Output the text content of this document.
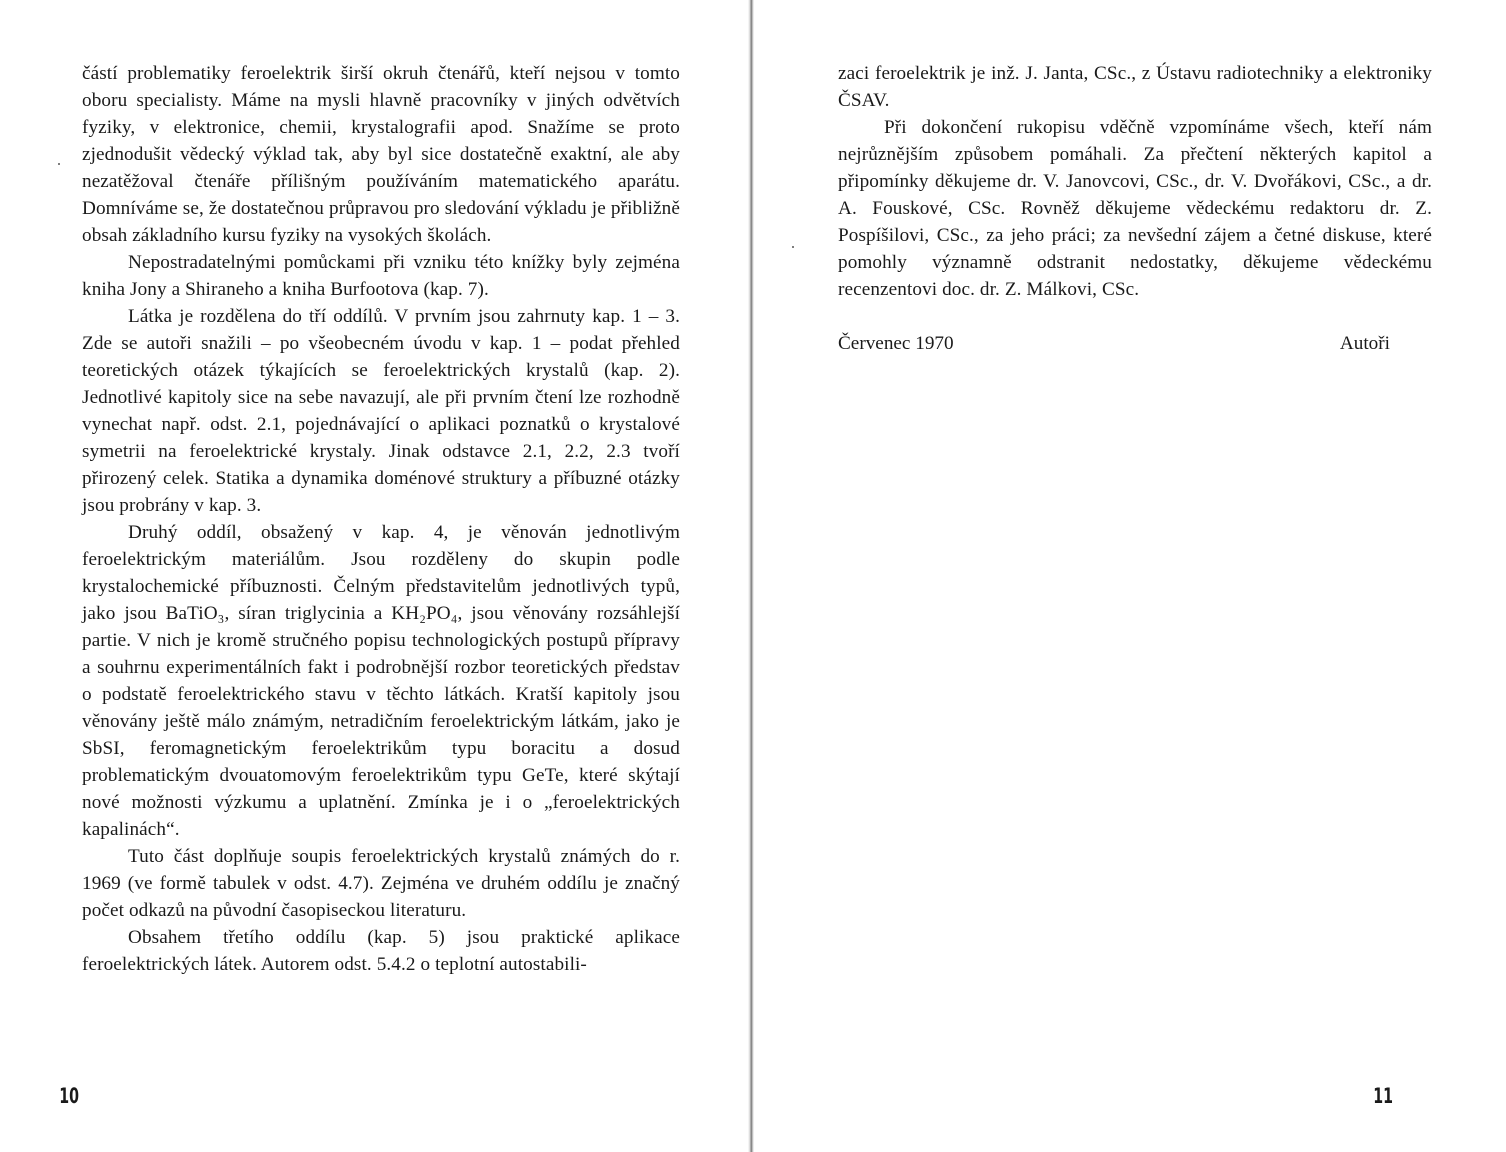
částí problematiky feroelektrik širší okruh čtenářů, kteří nejsou v tomto oboru specialisty. Máme na mysli hlavně pracovníky v jiných odvětvích fyziky, v elektronice, chemii, krystalografii apod. Snažíme se proto zjednodušit vědecký výklad tak, aby byl sice dostatečně exaktní, ale aby nezatěžoval čtenáře přílišným používáním matematického aparátu. Domníváme se, že dostatečnou průpravou pro sledování výkladu je přibližně obsah základního kursu fyziky na vysokých školách.

Nepostradatelnými pomůckami při vzniku této knížky byly zejména kniha Jony a Shiraneho a kniha Burfootova (kap. 7).

Látka je rozdělena do tří oddílů. V prvním jsou zahrnuty kap. 1 – 3. Zde se autoři snažili – po všeobecném úvodu v kap. 1 – podat přehled teoretických otázek týkajících se feroelektrických krystalů (kap. 2). Jednotlivé kapitoly sice na sebe navazují, ale při prvním čtení lze rozhodně vynechat např. odst. 2.1, pojednávající o aplikaci poznatků o krystalové symetrii na feroelektrické krystaly. Jinak odstavce 2.1, 2.2, 2.3 tvoří přirozený celek. Statika a dynamika doménové struktury a příbuzné otázky jsou probrány v kap. 3.

Druhý oddíl, obsažený v kap. 4, je věnován jednotlivým feroelektrickým materiálům. Jsou rozděleny do skupin podle krystalochemické příbuznosti. Čelným představitelům jednotlivých typů, jako jsou BaTiO₃, síran triglycinia a KH₂PO₄, jsou věnovány rozsáhlejší partie. V nich je kromě stručného popisu technologických postupů přípravy a souhrnu experimentálních fakt i podrobnější rozbor teoretických představ o podstatě feroelektrického stavu v těchto látkách. Kratší kapitoly jsou věnovány ještě málo známým, netradičním feroelektrickým látkám, jako je SbSI, feromagnetickým feroelektrikům typu boracitu a dosud problematickým dvouatomovým feroelektrikům typu GeTe, které skýtají nové možnosti výzkumu a uplatnění. Zmínka je i o „feroelektrických kapalinách“.

Tuto část doplňuje soupis feroelektrických krystalů známých do r. 1969 (ve formě tabulek v odst. 4.7). Zejména ve druhém oddílu je značný počet odkazů na původní časopiseckou literaturu.

Obsahem třetího oddílu (kap. 5) jsou praktické aplikace feroelektrických látek. Autorem odst. 5.4.2 o teplotní autostabili-

10

zaci feroelektrik je inž. J. Janta, CSc., z Ústavu radiotechniky a elektroniky ČSAV.

Při dokončení rukopisu vděčně vzpomínáme všech, kteří nám nejrůznějším způsobem pomáhali. Za přečtení některých kapitol a připomínky děkujeme dr. V. Janovcovi, CSc., dr. V. Dvořákovi, CSc., a dr. A. Fouskové, CSc. Rovněž děkujeme vědeckému redaktoru dr. Z. Pospíšilovi, CSc., za jeho práci; za nevšední zájem a četné diskuse, které pomohly významně odstranit nedostatky, děkujeme vědeckému recenzentovi doc. dr. Z. Málkovi, CSc.

Červenec 1970	Autoři
11
